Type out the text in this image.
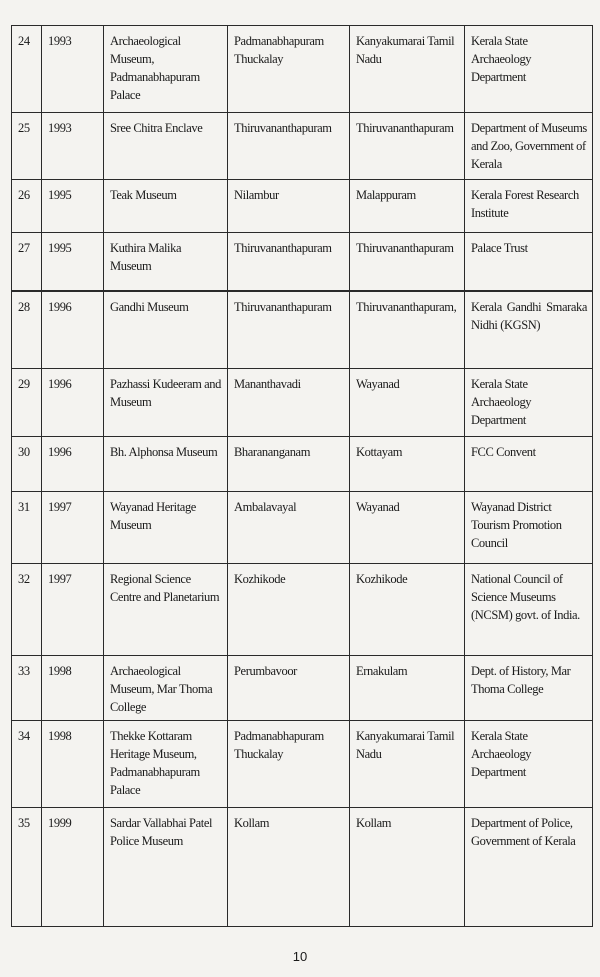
24	1993	Archaeological Museum, Padmanabhapuram Palace	Padmanabhapuram Thuckalay	Kanyakumarai Tamil Nadu	Kerala State Archaeology Department
25	1993	Sree Chitra Enclave	Thiruvananthapuram	Thiruvananthapuram	Department of Museums and Zoo, Government of Kerala
26	1995	Teak Museum	Nilambur	Malappuram	Kerala Forest Research Institute
27	1995	Kuthira Malika Museum	Thiruvananthapuram	Thiruvananthapuram	Palace Trust
28	1996	Gandhi Museum	Thiruvananthapuram	Thiruvananthapuram,	Kerala Gandhi Smaraka Nidhi (KGSN)
29	1996	Pazhassi Kudeeram and Museum	Mananthavadi	Wayanad	Kerala State Archaeology Department
30	1996	Bh. Alphonsa Museum	Bharananganam	Kottayam	FCC Convent
31	1997	Wayanad Heritage Museum	Ambalavayal	Wayanad	Wayanad District Tourism Promotion Council
32	1997	Regional Science Centre and Planetarium	Kozhikode	Kozhikode	National Council of Science Museums (NCSM) govt. of India.
33	1998	Archaeological Museum, Mar Thoma College	Perumbavoor	Ernakulam	Dept. of History, Mar Thoma College
34	1998	Thekke Kottaram Heritage Museum, Padmanabhapuram Palace	Padmanabhapuram Thuckalay	Kanyakumarai Tamil Nadu	Kerala State Archaeology Department
35	1999	Sardar Vallabhai Patel Police Museum	Kollam	Kollam	Department of Police, Government of Kerala
10
